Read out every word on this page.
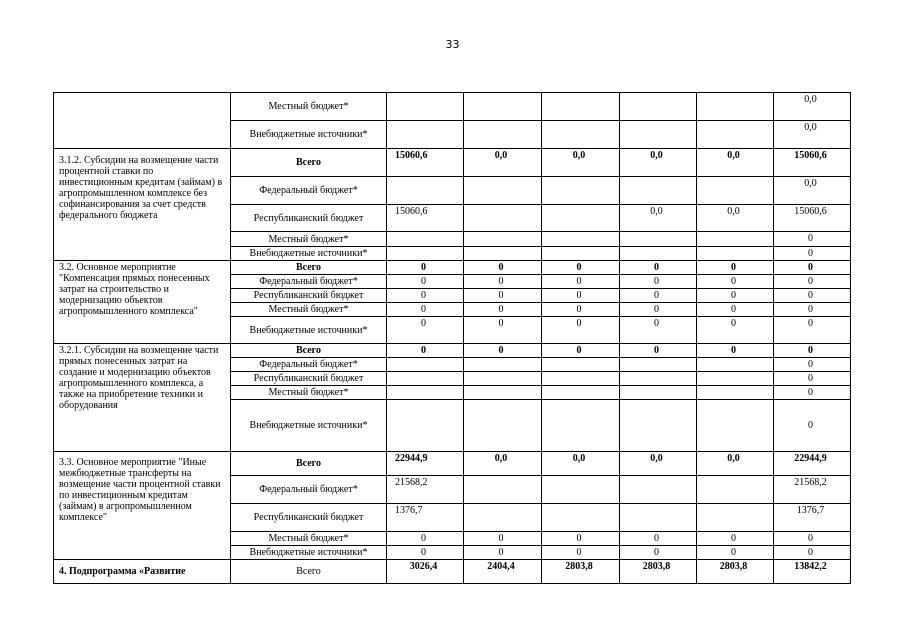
33
	Местный бюджет*						0,0
	Внебюджетные источники*						0,0
3.1.2. Субсидии на возмещение части процентной ставки по инвестиционным кредитам (займам) в агропромышленном комплексе без софинансирования за счет средств федерального бюджета	Всего	15060,6	0,0	0,0	0,0	0,0	15060,6
	Федеральный бюджет*						0,0
	Республиканский бюджет	15060,6			0,0	0,0	15060,6
	Местный бюджет*						0
	Внебюджетные источники*						0
3.2. Основное мероприятие "Компенсация прямых понесенных затрат на строительство и модернизацию объектов агропромышленного комплекса"	Всего	0	0	0	0	0	0
	Федеральный бюджет*	0	0	0	0	0	0
	Республиканский бюджет	0	0	0	0	0	0
	Местный бюджет*	0	0	0	0	0	0
	Внебюджетные источники*	0	0	0	0	0	0
3.2.1. Субсидии на возмещение части прямых понесенных затрат на создание и модернизацию объектов агропромышленного комплекса, а также на приобретение техники и оборудования	Всего	0	0	0	0	0	0
	Федеральный бюджет*						0
	Республиканский бюджет						0
	Местный бюджет*						0
	Внебюджетные источники*						0
3.3. Основное мероприятие "Иные межбюджетные трансферты на возмещение части процентной ставки по инвестиционным кредитам (займам) в агропромышленном комплексе"	Всего	22944,9	0,0	0,0	0,0	0,0	22944,9
	Федеральный бюджет*	21568,2					21568,2
	Республиканский бюджет	1376,7					1376,7
	Местный бюджет*	0	0	0	0	0	0
	Внебюджетные источники*	0	0	0	0	0	0
4. Подпрограмма «Развитие	Всего	3026,4	2404,4	2803,8	2803,8	2803,8	13842,2
